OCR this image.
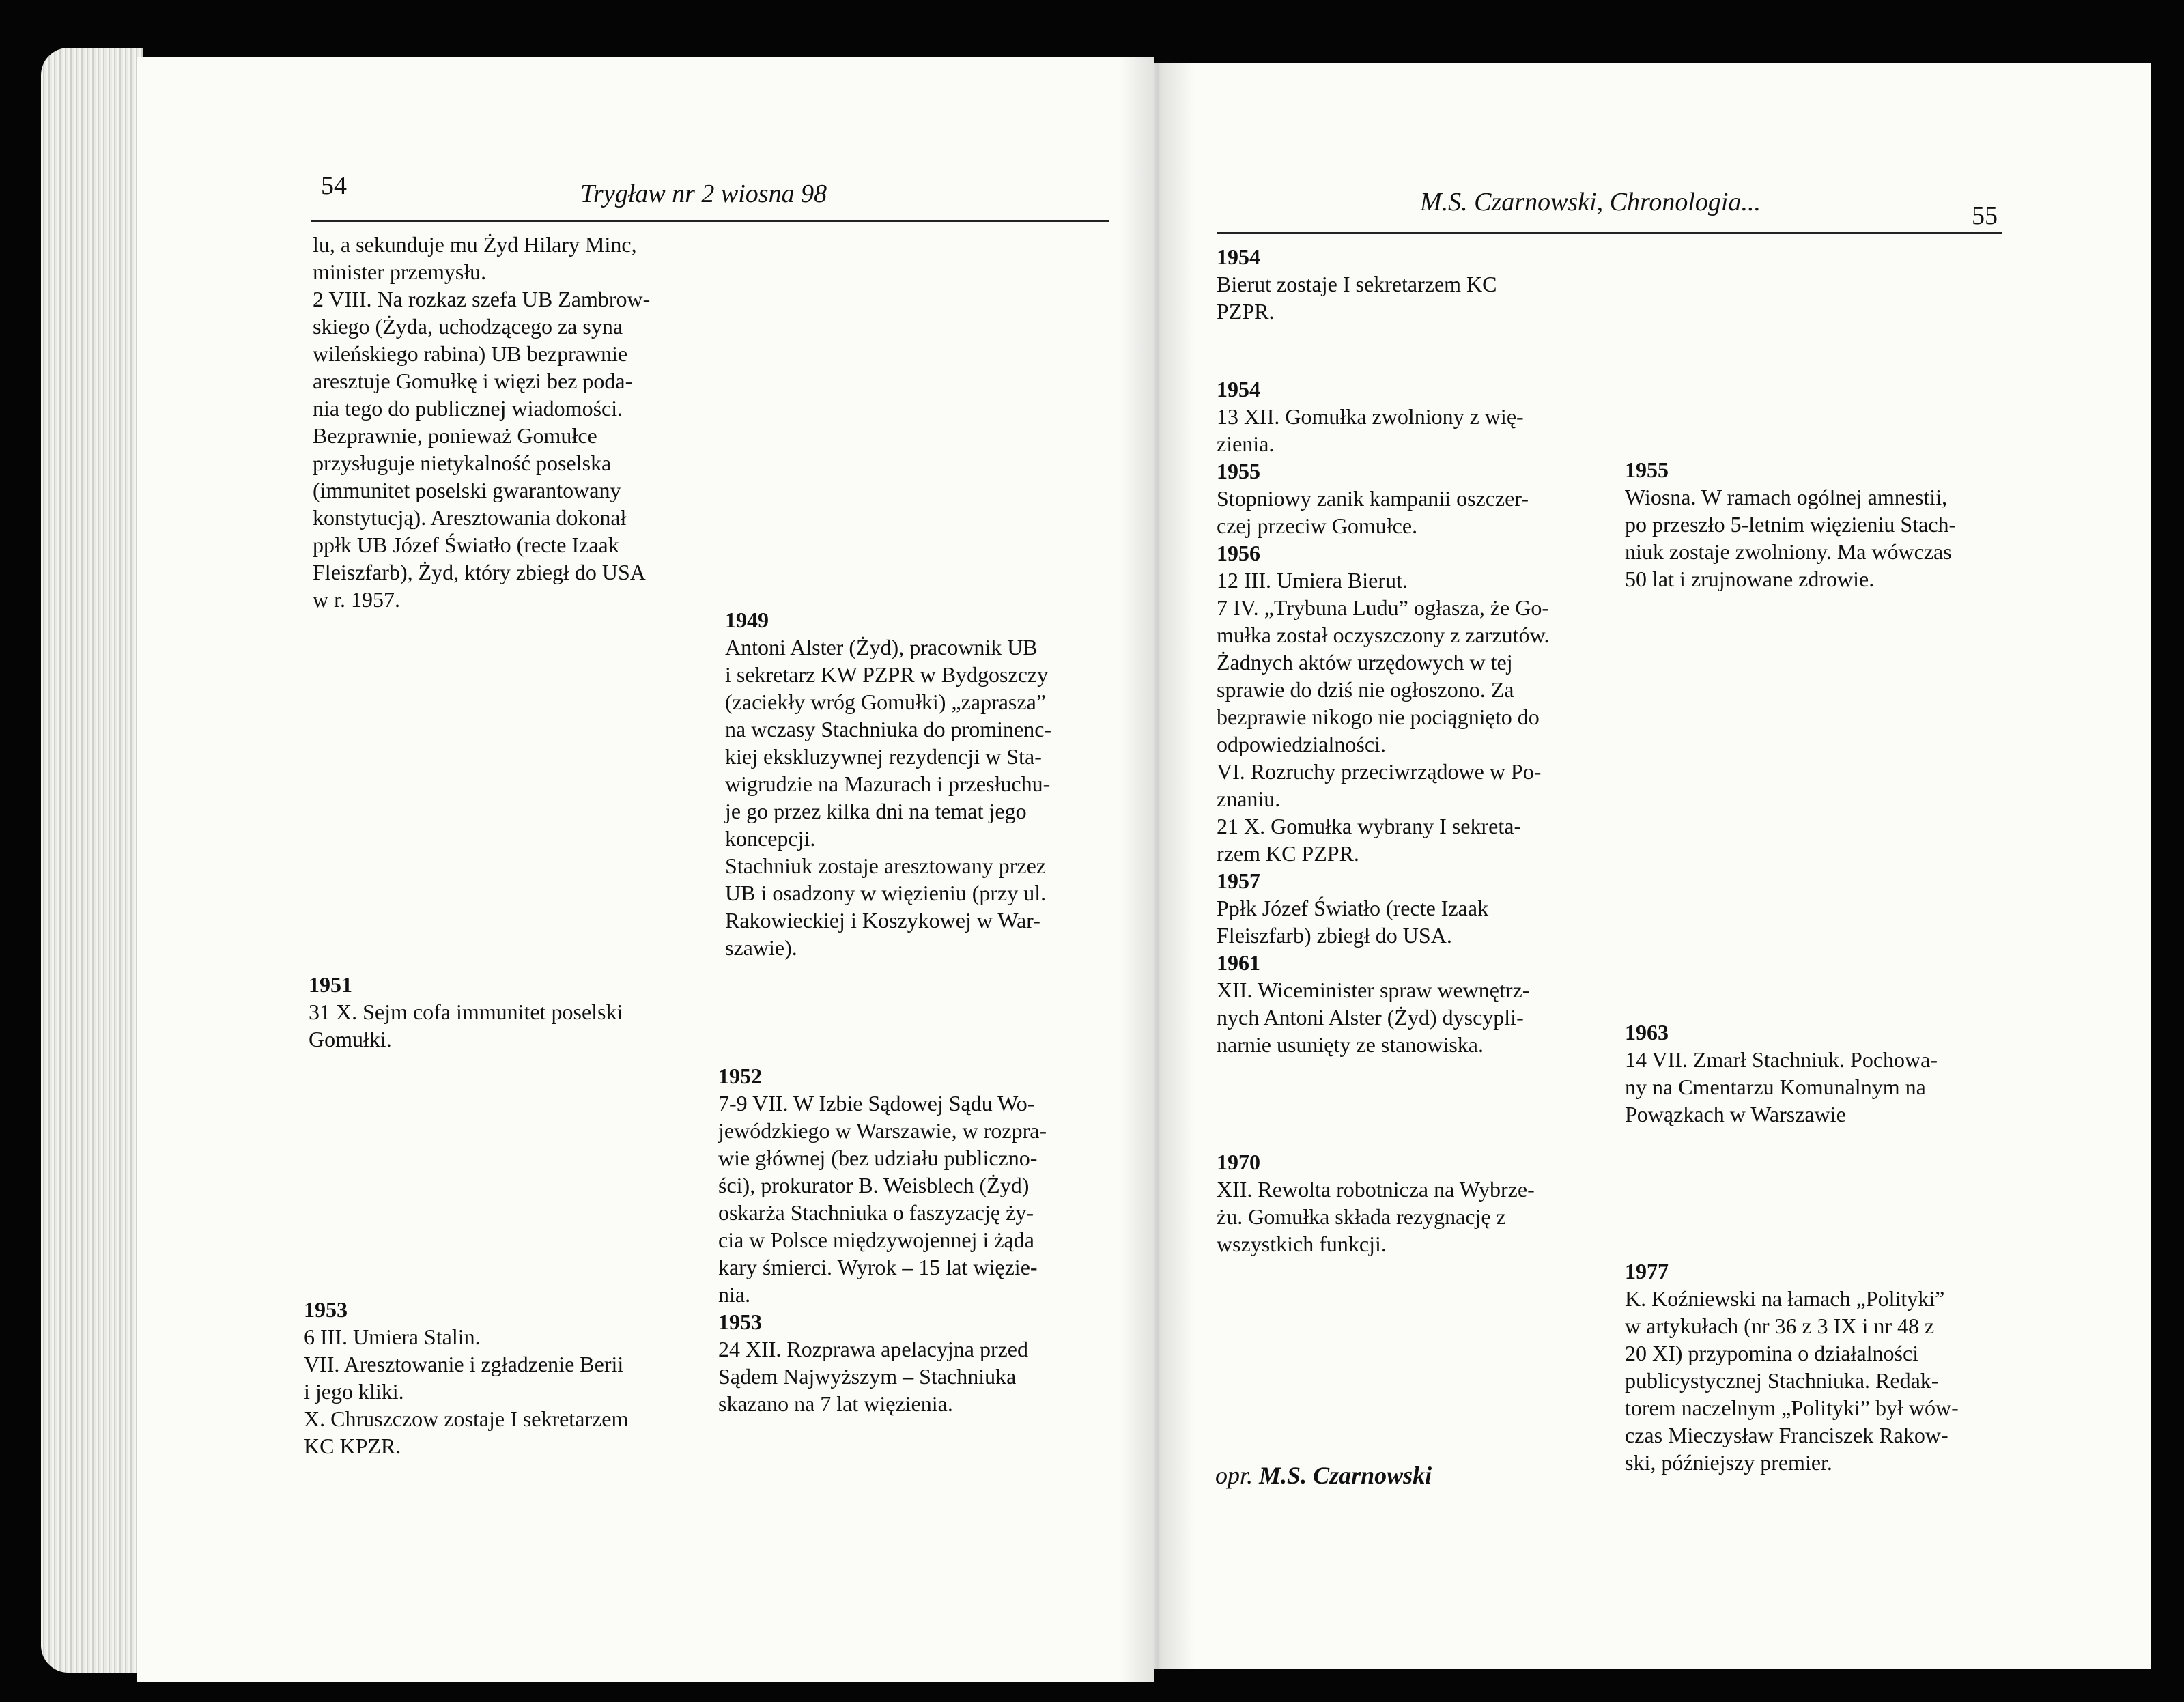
54	Trygław nr 2 wiosna 98	M.S. Czarnowski, Chronologia...	55

lu, a sekunduje mu Żyd Hilary Minc,

minister przemysłu.

2 VIII. Na rozkaz szefa UB Zambrow-

skiego (Żyda, uchodzącego za syna

wileńskiego rabina) UB bezprawnie

aresztuje Gomułkę i więzi bez poda-

nia tego do publicznej wiadomości.

Bezprawnie, ponieważ Gomułce

przysługuje nietykalność poselska

(immunitet poselski gwarantowany

konstytucją). Aresztowania dokonał

ppłk UB Józef Światło (recte Izaak

Fleiszfarb), Żyd, który zbiegł do USA

w r. 1957.

1951

31 X. Sejm cofa immunitet poselski

Gomułki.

1953

6 III. Umiera Stalin.

VII. Aresztowanie i zgładzenie Berii

i jego kliki.

X. Chruszczow zostaje I sekretarzem

KC KPZR.

1949

Antoni Alster (Żyd), pracownik UB

i sekretarz KW PZPR w Bydgoszczy

(zaciekły wróg Gomułki) „zaprasza”

na wczasy Stachniuka do prominenc-

kiej ekskluzywnej rezydencji w Sta-

wigrudzie na Mazurach i przesłuchu-

je go przez kilka dni na temat jego

koncepcji.

Stachniuk zostaje aresztowany przez

UB i osadzony w więzieniu (przy ul.

Rakowieckiej i Koszykowej w War-

szawie).

1952

7-9 VII. W Izbie Sądowej Sądu Wo-

jewódzkiego w Warszawie, w rozpra-

wie głównej (bez udziału publiczno-

ści), prokurator B. Weisblech (Żyd)

oskarża Stachniuka o faszyzację ży-

cia w Polsce międzywojennej i żąda

kary śmierci. Wyrok – 15 lat więzie-

nia.

1953

24 XII. Rozprawa apelacyjna przed

Sądem Najwyższym – Stachniuka

skazano na 7 lat więzienia.

1954

Bierut zostaje I sekretarzem KC

PZPR.

1954

13 XII. Gomułka zwolniony z wię-

zienia.

1955

Stopniowy zanik kampanii oszczer-

czej przeciw Gomułce.

1956

12 III. Umiera Bierut.

7 IV. „Trybuna Ludu” ogłasza, że Go-

mułka został oczyszczony z zarzutów.

Żadnych aktów urzędowych w tej

sprawie do dziś nie ogłoszono. Za

bezprawie nikogo nie pociągnięto do

odpowiedzialności.

VI. Rozruchy przeciwrządowe w Po-

znaniu.

21 X. Gomułka wybrany I sekreta-

rzem KC PZPR.

1957

Ppłk Józef Światło (recte Izaak

Fleiszfarb) zbiegł do USA.

1961

XII. Wiceminister spraw wewnętrz-

nych Antoni Alster (Żyd) dyscypli-

narnie usunięty ze stanowiska.

1970

XII. Rewolta robotnicza na Wybrze-

żu. Gomułka składa rezygnację z

wszystkich funkcji.

opr. M.S. Czarnowski

1955

Wiosna. W ramach ogólnej amnestii,

po przeszło 5-letnim więzieniu Stach-

niuk zostaje zwolniony. Ma wówczas

50 lat i zrujnowane zdrowie.

1963

14 VII. Zmarł Stachniuk. Pochowa-

ny na Cmentarzu Komunalnym na

Powązkach w Warszawie

1977

K. Koźniewski na łamach „Polityki”

w artykułach (nr 36 z 3 IX i nr 48 z

20 XI) przypomina o działalności

publicystycznej Stachniuka. Redak-

torem naczelnym „Polityki” był wów-

czas Mieczysław Franciszek Rakow-

ski, późniejszy premier.
